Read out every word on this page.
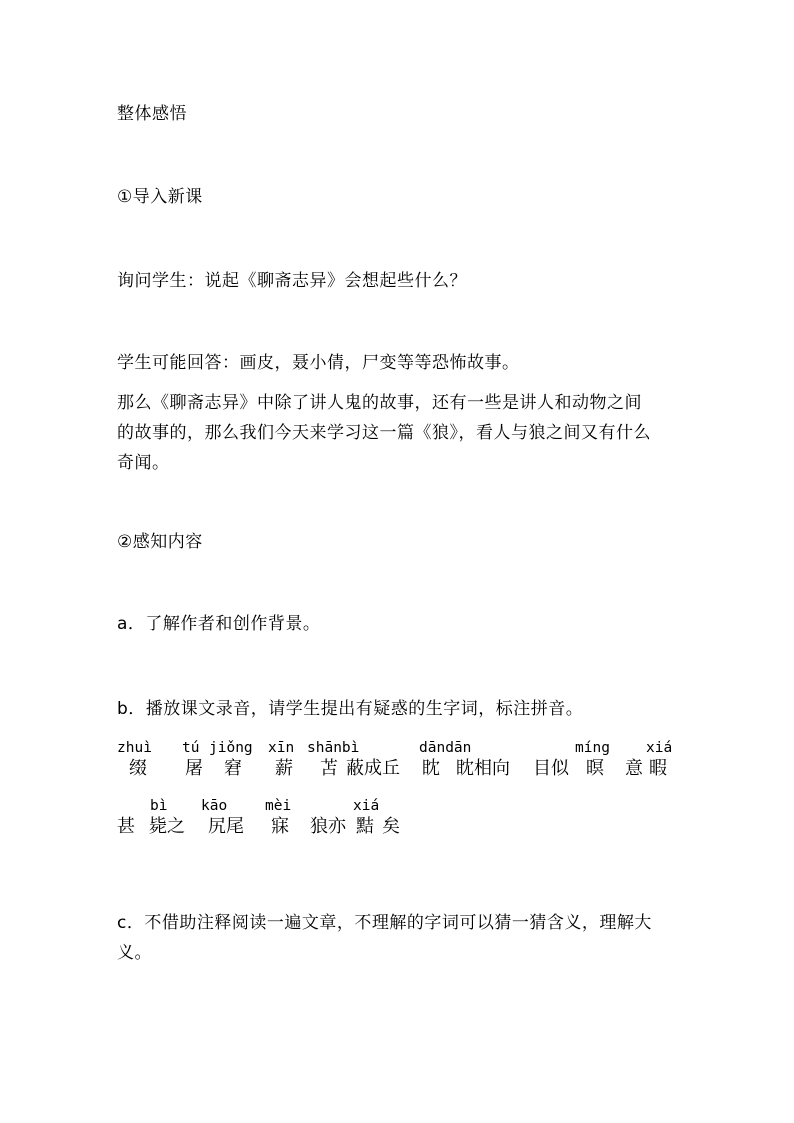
整体感悟
①导入新课
询问学生：说起《聊斋志异》会想起些什么？
学生可能回答：画皮，聂小倩，尸变等等恐怖故事。
那么《聊斋志异》中除了讲人鬼的故事，还有一些是讲人和动物之间
的故事的，那么我们今天来学习这一篇《狼》，看人与狼之间又有什么
奇闻。
②感知内容
a．了解作者和创作背景。
b．播放课文录音，请学生提出有疑惑的生字词，标注拼音。
zhuì tú jiǒng xīn shānbì	dāndān	míng xiá
缀 屠 窘 薪 苫 蔽成丘 眈 眈相向 目似 暝 意 暇
bì kāo	mèi	xiá
甚 毙之 尻尾 寐 狼亦 黠 矣
c．不借助注释阅读一遍文章，不理解的字词可以猜一猜含义，理解大
义。
